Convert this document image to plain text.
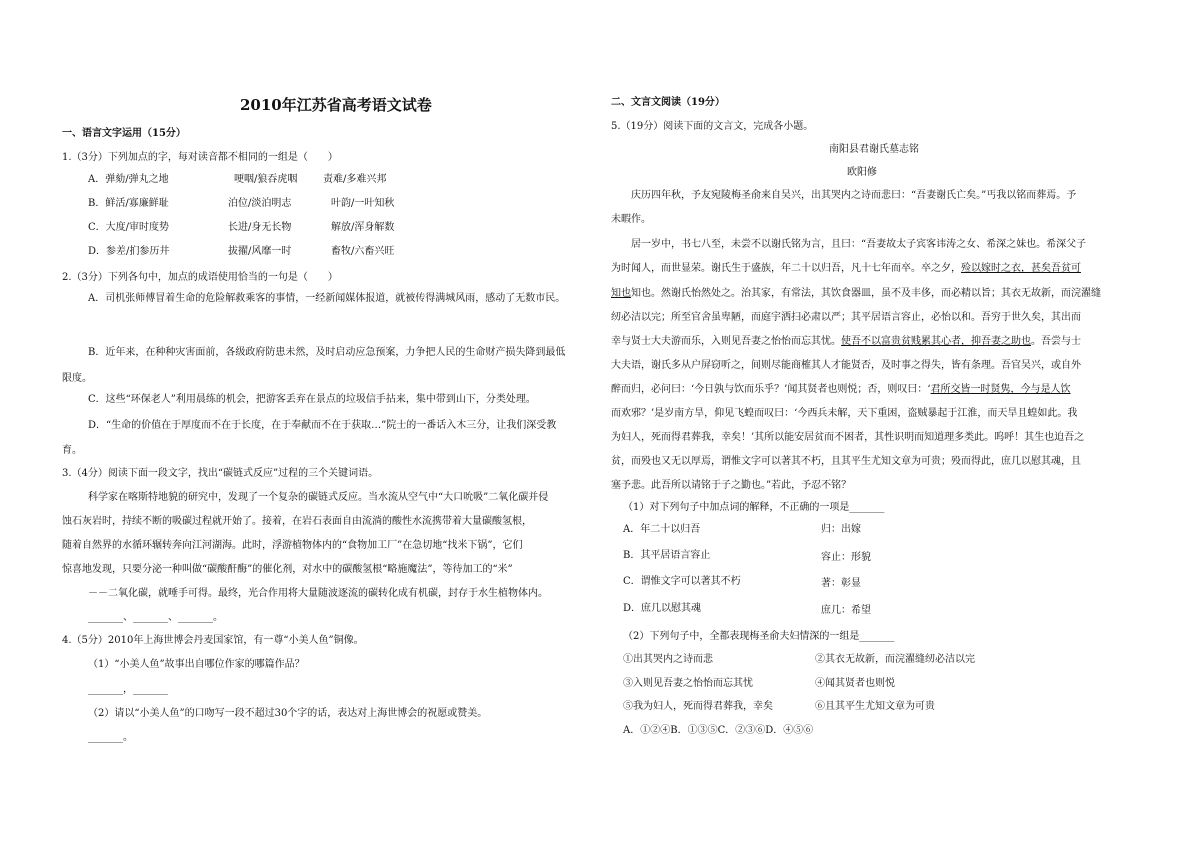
2010年江苏省高考语文试卷
一、语言文字运用（15分）
1.（3分）下列加点的字，每对读音都不相同的一组是（　　）
A．弹劾/弹丸之地	哽咽/狼吞虎咽	责难/多难兴邦
B．鲜活/寡廉鲜耻	泊位/淡泊明志	叶韵/一叶知秋
C．大度/审时度势	长进/身无长物	解放/浑身解数
D．参差/扪参历井	拔擢/风靡一时	畜牧/六畜兴旺
2.（3分）下列各句中，加点的成语使用恰当的一句是（　　）
A．司机张师傅冒着生命的危险解救乘客的事情，一经新闻媒体报道，就被传得满城风雨，感动了无数市民。
B．近年来，在种种灾害面前，各级政府防患未然，及时启动应急预案，力争把人民的生命财产损失降到最低
限度。
C．这些“环保老人”利用晨练的机会，把游客丢弃在景点的垃圾信手拈来，集中带到山下，分类处理。
D．“生命的价值在于厚度而不在于长度，在于奉献而不在于获取…”院士的一番话入木三分，让我们深受教
育。
3.（4分）阅读下面一段文字，找出“碳链式反应”过程的三个关键词语。
科学家在喀斯特地貌的研究中，发现了一个复杂的碳链式反应。当水流从空气中“大口吮吸”二氧化碳并侵
蚀石灰岩时，持续不断的吸碳过程就开始了。接着，在岩石表面自由流淌的酸性水流携带着大量碳酸氢根，
随着自然界的水循环辗转奔向江河湖海。此时，浮游植物体内的“食物加工厂”在急切地“找米下锅”，它们
惊喜地发现，只要分泌一种叫做“碳酸酐酶”的催化剂，对水中的碳酸氢根“略施魔法”，等待加工的“米”
－－二氧化碳，就唾手可得。最终，光合作用将大量随波逐流的碳转化成有机碳，封存于水生植物体内。
_______、_______、_______。
4.（5分）2010年上海世博会丹麦国家馆，有一尊“小美人鱼”铜像。
（1）“小美人鱼”故事出自哪位作家的哪篇作品？
_______，_______
（2）请以“小美人鱼”的口吻写一段不超过30个字的话，表达对上海世博会的祝愿或赞美。
_______。
二、文言文阅读（19分）
5.（19分）阅读下面的文言文，完成各小题。
南阳县君谢氏墓志铭
欧阳修
庆历四年秋，予友宛陵梅圣俞来自吴兴，出其哭内之诗而悲曰：“吾妻谢氏亡矣。”丐我以铭而葬焉。予
未暇作。
居一岁中，书七八至，未尝不以谢氏铭为言，且曰：“吾妻故太子宾客讳涛之女、希深之妹也。希深父子
为时闻人，而世显荣。谢氏生于盛族，年二十以归吾，凡十七年而卒。卒之夕，殓以嫁时之衣，甚矣吾贫可
知也知也。然谢氏怡然处之。治其家，有常法，其饮食器皿，虽不及丰侈，而必精以旨；其衣无故新，而浣濯缝
纫必洁以完；所至官舍虽卑陋，而庭宇洒扫必肃以严；其平居语言容止，必怡以和。吾穷于世久矣，其出而
幸与贤士大夫游而乐，入则见吾妻之怡怡而忘其忧。使吾不以富贵贫贱累其心者，抑吾妻之助也。吾尝与士
大夫语，谢氏多从户屏窃听之，间则尽能商榷其人才能贤否，及时事之得失，皆有条理。吾官吴兴，或自外
醉而归，必问曰：‘今日孰与饮而乐乎？’闻其贤者也则悦；否，则叹曰：‘君所交皆一时贤隽，今与是人饮
而欢邪？’是岁南方旱，仰见飞蝗而叹曰：‘今西兵未解，天下重困，盗贼暴起于江淮，而天旱且蝗如此。我
为妇人，死而得君葬我，幸矣！’其所以能安居贫而不困者，其性识明而知道理多类此。呜呼！其生也迫吾之
贫，而殁也又无以厚焉，谓惟文字可以著其不朽，且其平生尤知文章为可贵；殁而得此，庶几以慰其魂，且
塞予悲。此吾所以请铭于子之勤也。”若此，予忍不铭？
（1）对下列句子中加点词的解释，不正确的一项是_______
A．年二十以归吾	归：出嫁
B．其平居语言容止	容止：形貌
C．谓惟文字可以著其不朽	著：彰显
D．庶几以慰其魂	庶几：希望
（2）下列句子中，全都表现梅圣俞夫妇情深的一组是_______
①出其哭内之诗而悲	②其衣无故新，而浣濯缝纫必洁以完
③入则见吾妻之怡怡而忘其忧	④闻其贤者也则悦
⑤我为妇人，死而得君葬我，幸矣	⑥且其平生尤知文章为可贵
A．①②④B．①③⑤C．②③⑥D．④⑤⑥
